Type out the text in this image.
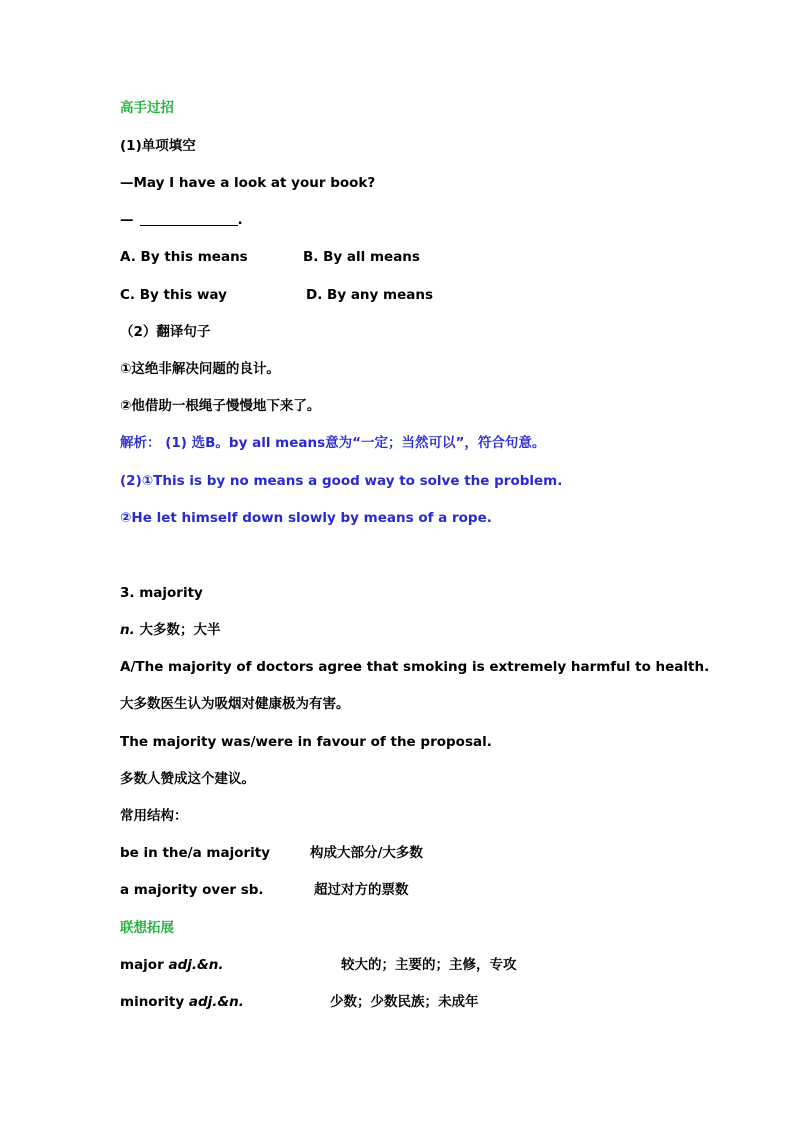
高手过招
(1)单项填空
—May I have a look at your book?
—	.
A. By this means	B. By all means
C. By this way	D. By any means
（2）翻译句子
①这绝非解决问题的良计。
②他借助一根绳子慢慢地下来了。
解析： (1) 选B。by all means意为“一定；当然可以”，符合句意。
(2)①This is by no means a good way to solve the problem.
②He let himself down slowly by means of a rope.
3. majority
n. 大多数；大半
A/The majority of doctors agree that smoking is extremely harmful to health.
大多数医生认为吸烟对健康极为有害。
The majority was/were in favour of the proposal.
多数人赞成这个建议。
常用结构：
be in the/a majority	构成大部分/大多数
a majority over sb.	超过对方的票数
联想拓展
major adj.&n.	较大的；主要的；主修，专攻
minority adj.&n.	少数；少数民族；未成年
